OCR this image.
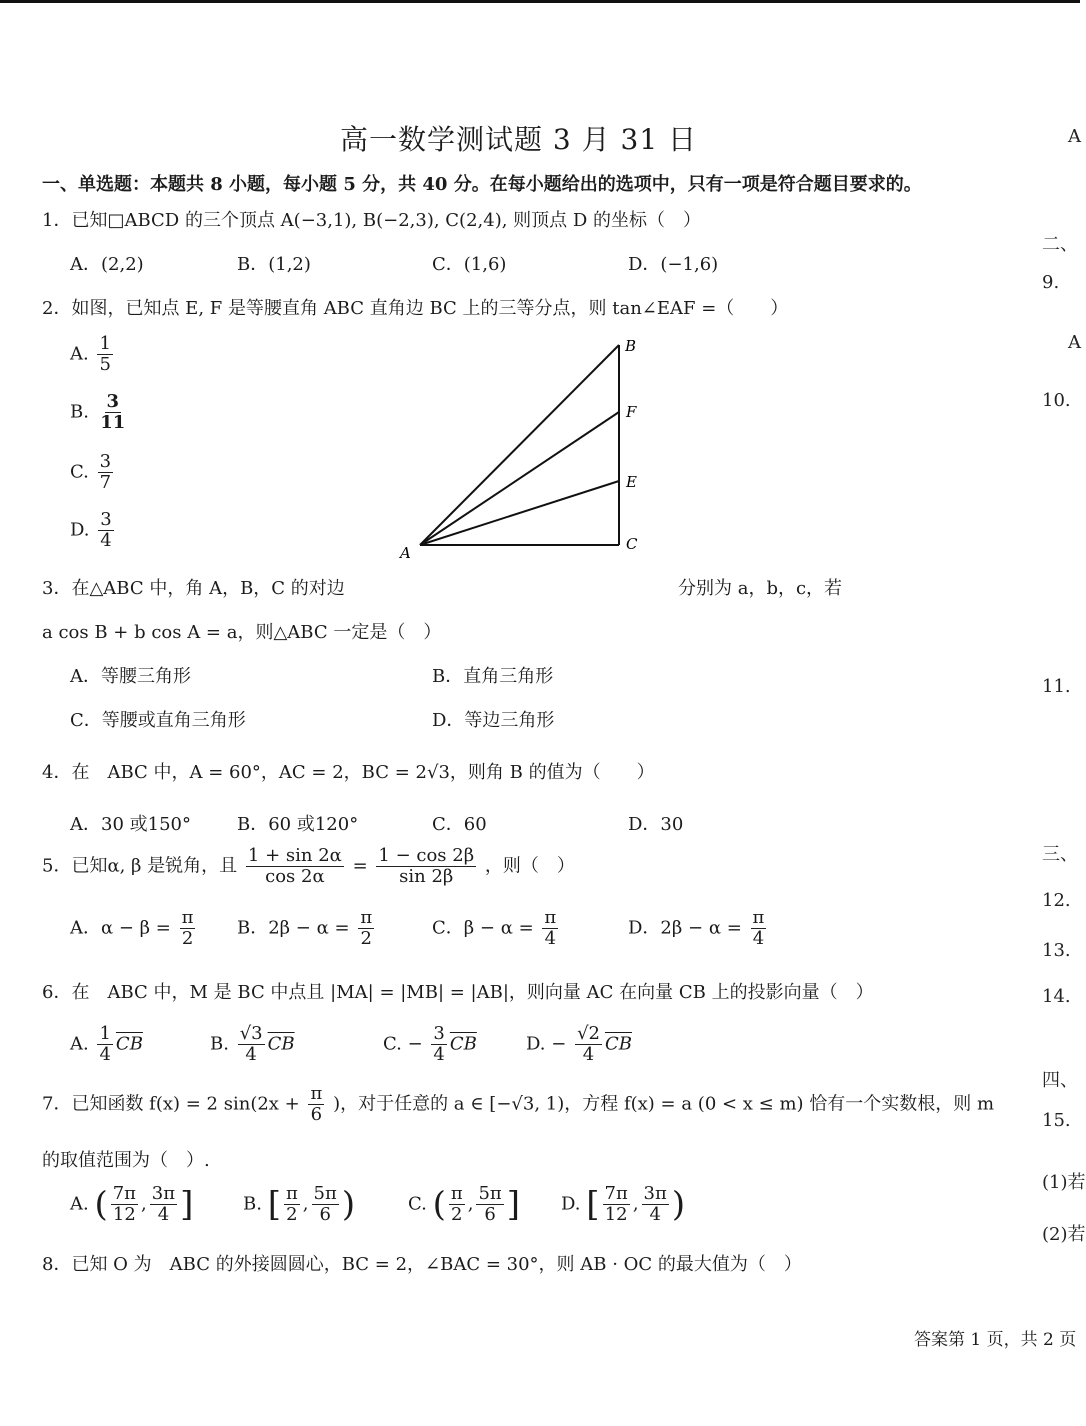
高一数学测试题 3 月 31 日
一、单选题：本题共 8 小题，每小题 5 分，共 40 分。在每小题给出的选项中，只有一项是符合题目要求的。
1．已知□ABCD 的三个顶点 A(−3,1), B(−2,3), C(2,4), 则顶点 D 的坐标（　）
A．(2,2)	B．(1,2)	C．(1,6)	D．(−1,6)
2．如图，已知点 E, F 是等腰直角 ABC 直角边 BC 上的三等分点，则 tan∠EAF =（　　）
A. $\frac{1}{5}$
B. $\frac{3}{11}$
C. $\frac{3}{7}$
D. $\frac{3}{4}$
A
B
F
E
C
3．在△ABC 中，角 A，B，C 的对边	分别为 a，b，c，若
a cos B + b cos A = a，则△ABC 一定是（　）
A．等腰三角形	B．直角三角形
C．等腰或直角三角形	D．等边三角形
4．在　ABC 中，A = 60°，AC = 2，BC = 2√3，则角 B 的值为（　　）
A．30 或150°	B．60 或120°	C．60	D．30
5．已知α, β 是锐角，且 $\frac{1 + \sin 2\alpha}{\cos 2\alpha} = \frac{1 - \cos 2\beta}{\sin 2\beta}$ ，则（　）
A．$\alpha - \beta = \frac{\pi}{2}$ B．$2\beta - \alpha = \frac{\pi}{2}$	C．$\beta - \alpha = \frac{\pi}{4}$	D．$2\beta - \alpha = \frac{\pi}{4}$
6．在　ABC 中，M 是 BC 中点且 |MA| = |MB| = |AB|，则向量 AC 在向量 CB 上的投影向量（　）
A. $\frac{1}{4} \overline{CB}$	B. $\frac{√3}{4} \overline{CB}$	C. − $\frac{3}{4} \overline{CB}$	D. − $\frac{√2}{4} \overline{CB}$
7．已知函数 f(x) = 2 $\sin(2x + \frac{\pi}{6}$ )，对于任意的 a ∈ [−√3, 1)，方程 f(x) = a (0 < x ≤ m) 恰有一个实数根，则 m
的取值范围为（　）.
A. ( $\frac{7\pi}{12}$ , $\frac{3\pi}{4}$ ]	B. [ $\frac{\pi}{2}$ , $\frac{5\pi}{6}$ )	C. ( $\frac{\pi}{2}$ , $\frac{5\pi}{6}$ ] D. [ $\frac{7\pi}{12}$ , $\frac{3\pi}{4}$ )
8．已知 O 为　ABC 的外接圆圆心，BC = 2，∠BAC = 30°，则 AB · OC 的最大值为（　）
答案第 1 页，共 2 页
A
二、
9.
A
10.
11.
三、
12.
13.
14.
四、
15.
(1)若
(2)若
